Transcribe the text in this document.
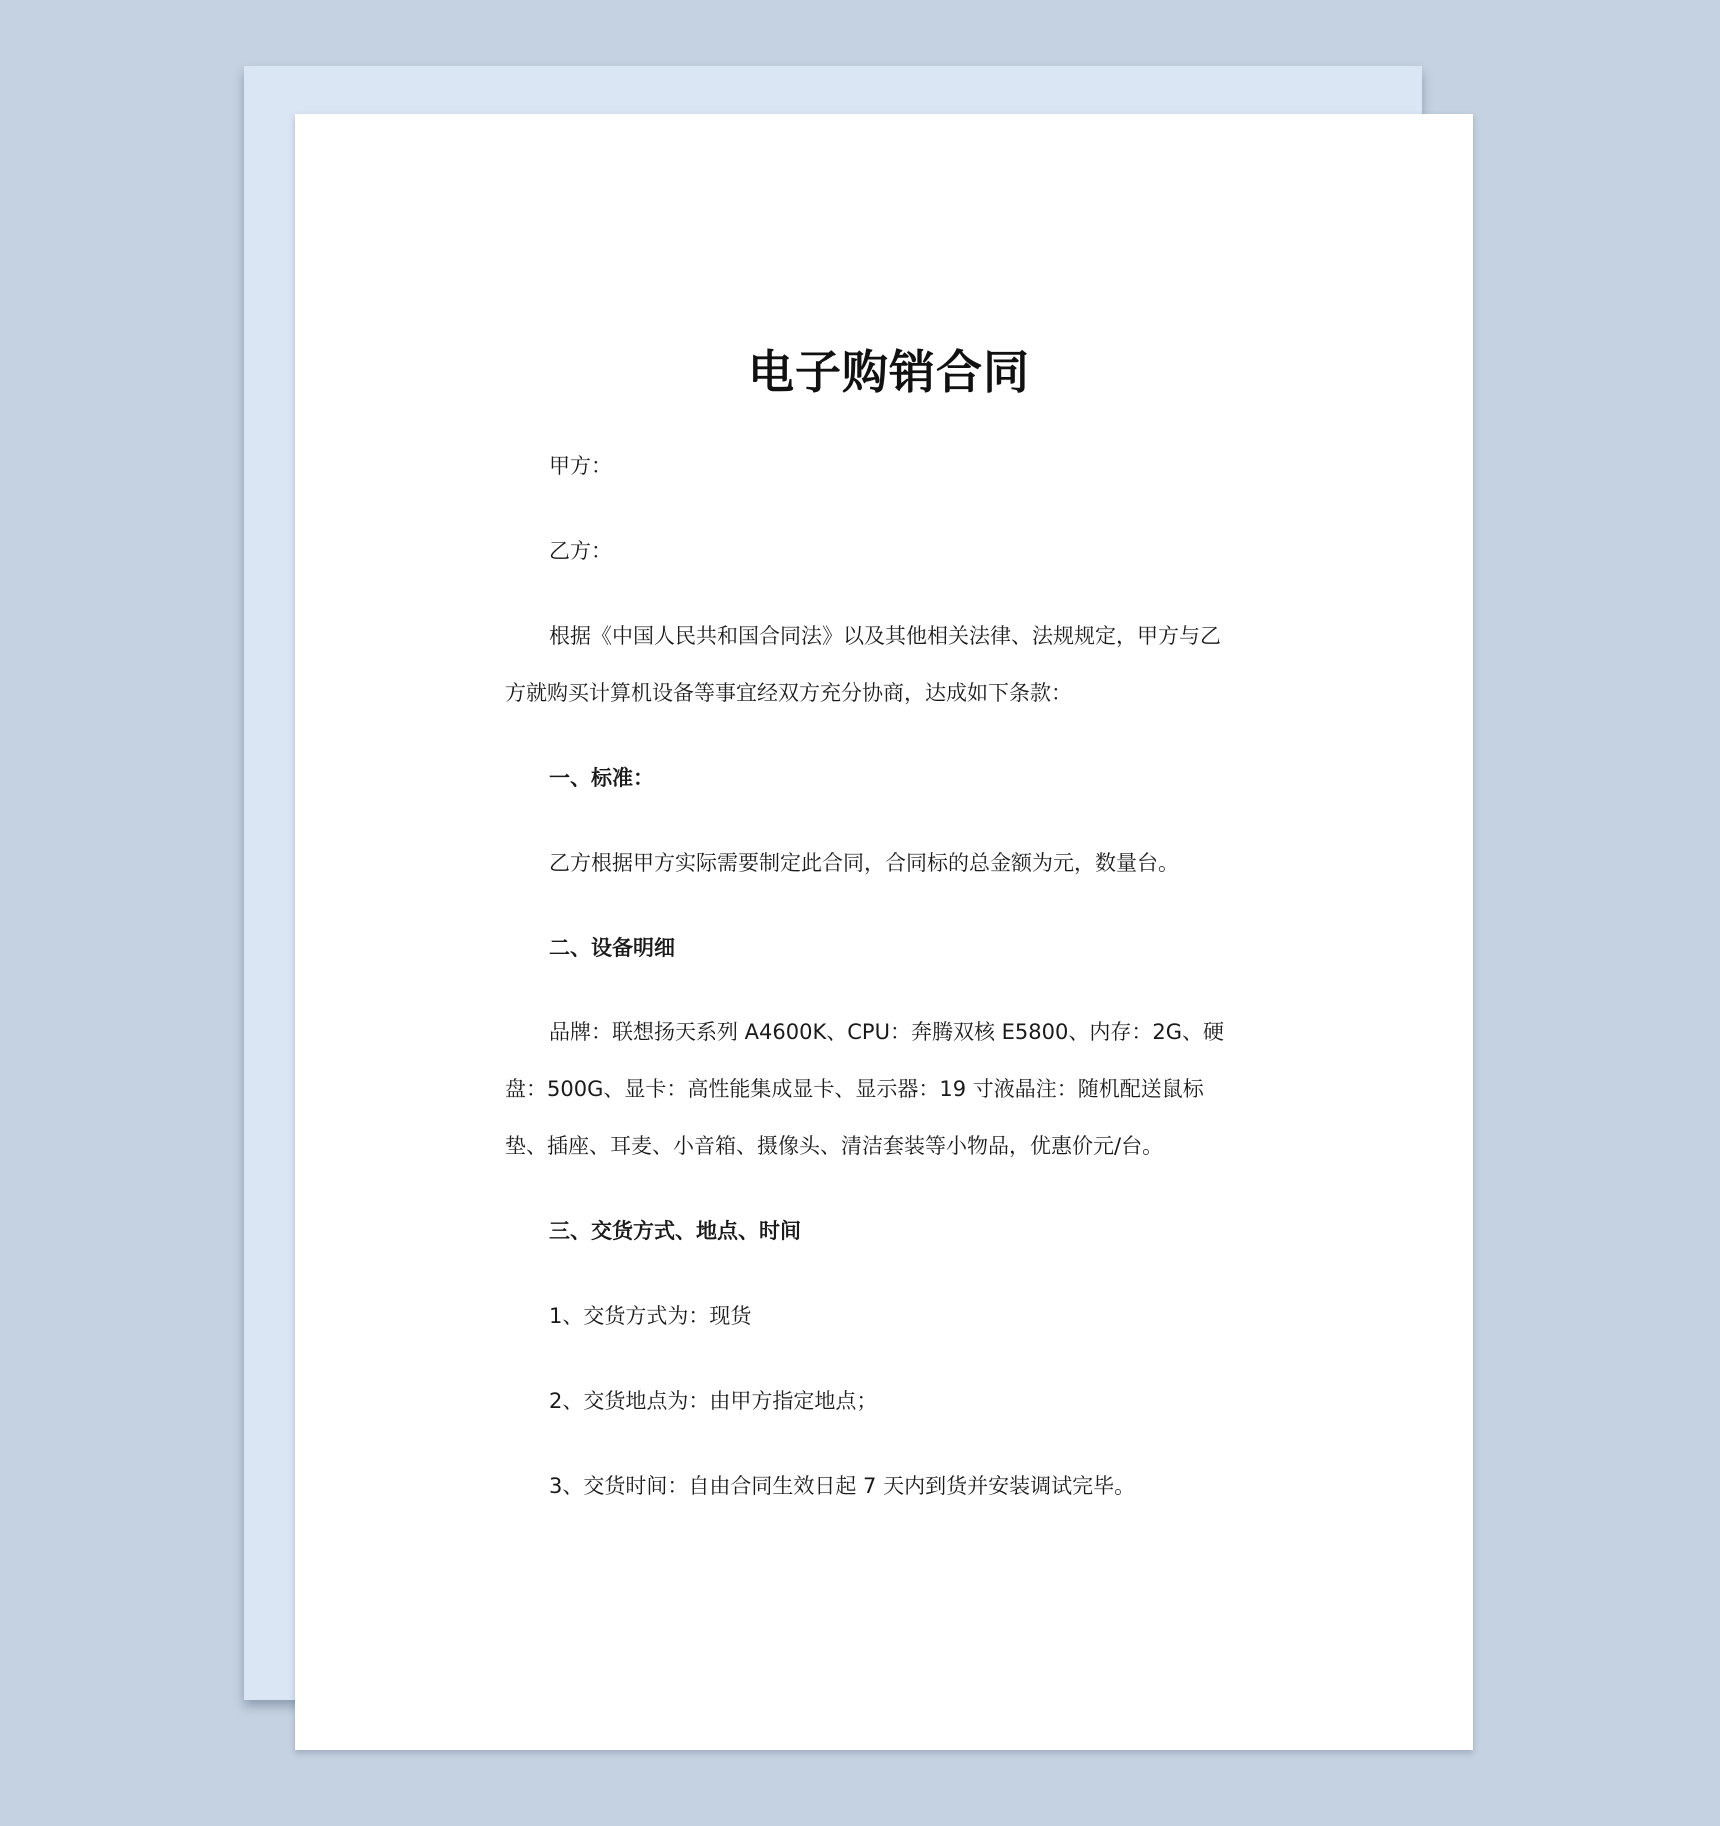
电子购销合同

甲方：

乙方：

根据《中国人民共和国合同法》以及其他相关法律、法规规定，甲方与乙

方就购买计算机设备等事宜经双方充分协商，达成如下条款：

一、标准：

乙方根据甲方实际需要制定此合同，合同标的总金额为元，数量台。

二、设备明细

品牌：联想扬天系列 A4600K、CPU：奔腾双核 E5800、内存：2G、硬

盘：500G、显卡：高性能集成显卡、显示器：19 寸液晶注：随机配送鼠标

垫、插座、耳麦、小音箱、摄像头、清洁套装等小物品，优惠价元/台。

三、交货方式、地点、时间

1、交货方式为：现货

2、交货地点为：由甲方指定地点；

3、交货时间：自由合同生效日起 7 天内到货并安装调试完毕。
